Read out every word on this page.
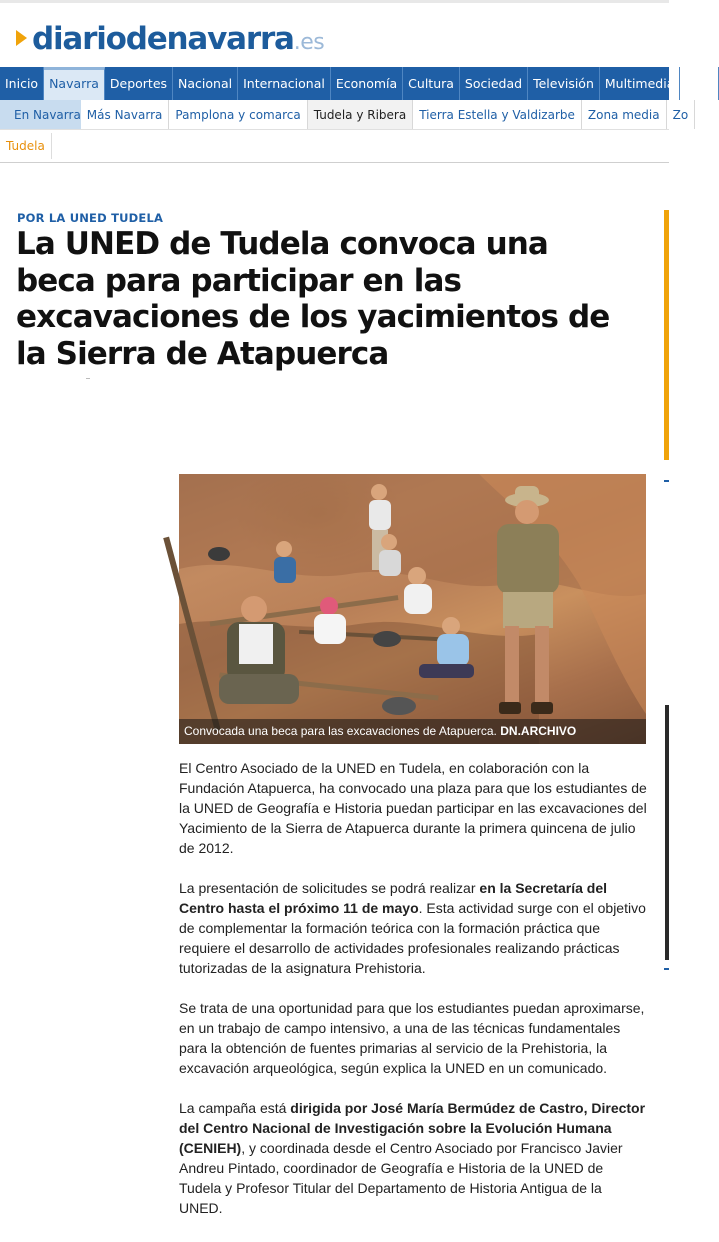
diariodenavarra .es
Inicio Navarra Deportes Nacional Internacional Economía Cultura Sociedad Televisión Multimedia Ocio
En Navarra Más Navarra	Pamplona y comarca	Tudela y Ribera	Tierra Estella y Valdizarbe	Zona media	Zo
Tudela
POR LA UNED TUDELA
La UNED de Tudela convoca una beca para participar en las excavaciones de los yacimientos de la Sierra de Atapuerca
Convocada una beca para las excavaciones de Atapuerca. DN.ARCHIVO

El Centro Asociado de la UNED en Tudela, en colaboración con la Fundación Atapuerca, ha convocado una plaza para que los estudiantes de la UNED de Geografía e Historia puedan participar en las excavaciones del Yacimiento de la Sierra de Atapuerca durante la primera quincena de julio de 2012.

La presentación de solicitudes se podrá realizar en la Secretaría del Centro hasta el próximo 11 de mayo. Esta actividad surge con el objetivo de complementar la formación teórica con la formación práctica que requiere el desarrollo de actividades profesionales realizando prácticas tutorizadas de la asignatura Prehistoria.

Se trata de una oportunidad para que los estudiantes puedan aproximarse, en un trabajo de campo intensivo, a una de las técnicas fundamentales para la obtención de fuentes primarias al servicio de la Prehistoria, la excavación arqueológica, según explica la UNED en un comunicado.

La campaña está dirigida por José María Bermúdez de Castro, Director del Centro Nacional de Investigación sobre la Evolución Humana (CENIEH), y coordinada desde el Centro Asociado por Francisco Javier Andreu Pintado, coordinador de Geografía e Historia de la UNED de Tudela y Profesor Titular del Departamento de Historia Antigua de la UNED.
